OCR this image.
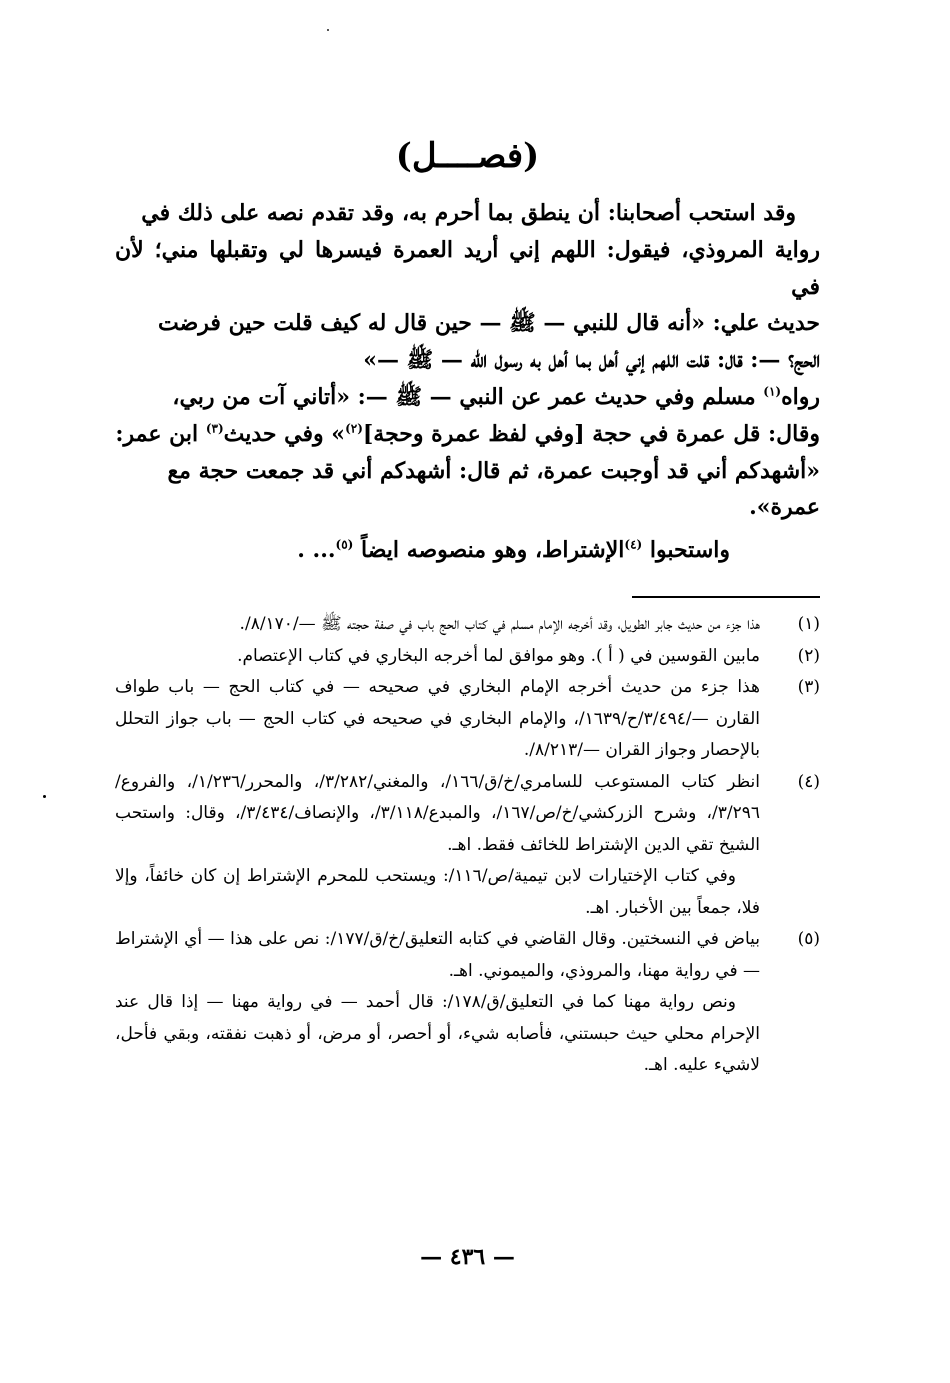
(فصــــل)

وقد استحب أصحابنا: أن ينطق بما أحرم به، وقد تقدم نصه على ذلك في

رواية المروذي، فيقول: اللهم إني أريد العمرة فيسرها لي وتقبلها مني؛ لأن في

حديث علي: «أنه قال للنبي — ﷺ — حين قال له كيف قلت حين فرضت

الحج؟ —: قال: قلت اللهم إني أهل بما أهل به رسول الله — ﷺ —»

رواه$^{(١)}$ مسلم وفي حديث عمر عن النبي — ﷺ —: «أتاني آت من ربي،

وقال: قل عمرة في حجة [وفي لفظ عمرة وحجة]$^{(٢)}$» وفي حديث$^{(٣)}$ ابن عمر:

«أشهدكم أني قد أوجبت عمرة، ثم قال: أشهدكم أني قد جمعت حجة مع

عمرة».

واستحبوا $^{(٤)}$الإشتراط، وهو منصوصه ايضاً $^{(٥)}$... .
(١)
هذا جزء من حديث جابر الطويل، وقد أخرجه الإمام مسلم في كتاب الحج باب في صفة حجته ﷺ —/٨/١٧٠/.
(٢)
مابين القوسين في ( أ ). وهو موافق لما أخرجه البخاري في كتاب الإعتصام.
(٣)
هذا جزء من حديث أخرجه الإمام البخاري في صحيحه — في كتاب الحج — باب طواف القارن —/٣/٤٩٤/ح/١٦٣٩/، والإمام البخاري في صحيحه في كتاب الحج — باب جواز التحلل بالإحصار وجواز القران —/٨/٢١٣/.
(٤)
انظر كتاب المستوعب للسامري/خ/ق/١٦٦/، والمغني/٣/٢٨٢/، والمحرر/١/٢٣٦/، والفروع/٣/٢٩٦/، وشرح الزركشي/خ/ص/١٦٧/، والمبدع/٣/١١٨/، والإنصاف/٣/٤٣٤/، وقال: واستحب الشيخ تقي الدين الإشتراط للخائف فقط. اهـ.

وفي كتاب الإختيارات لابن تيمية/ص/١١٦/: ويستحب للمحرم الإشتراط إن كان خائفاً، وإلا فلا، جمعاً بين الأخبار. اهـ.

(٥)
بياض في النسختين. وقال القاضي في كتابه التعليق/خ/ق/١٧٧/: نص على هذا — أي الإشتراط — في رواية مهنا، والمروذي، والميموني. اهـ.

ونص رواية مهنا كما في التعليق/ق/١٧٨/: قال أحمد — في رواية مهنا — إذا قال عند الإحرام محلي حيث حبستني، فأصابه شيء، أو أحصر، أو مرض، أو ذهبت نفقته، وبقي فأحل، لاشيء عليه. اهـ.

— ٤٣٦ —
